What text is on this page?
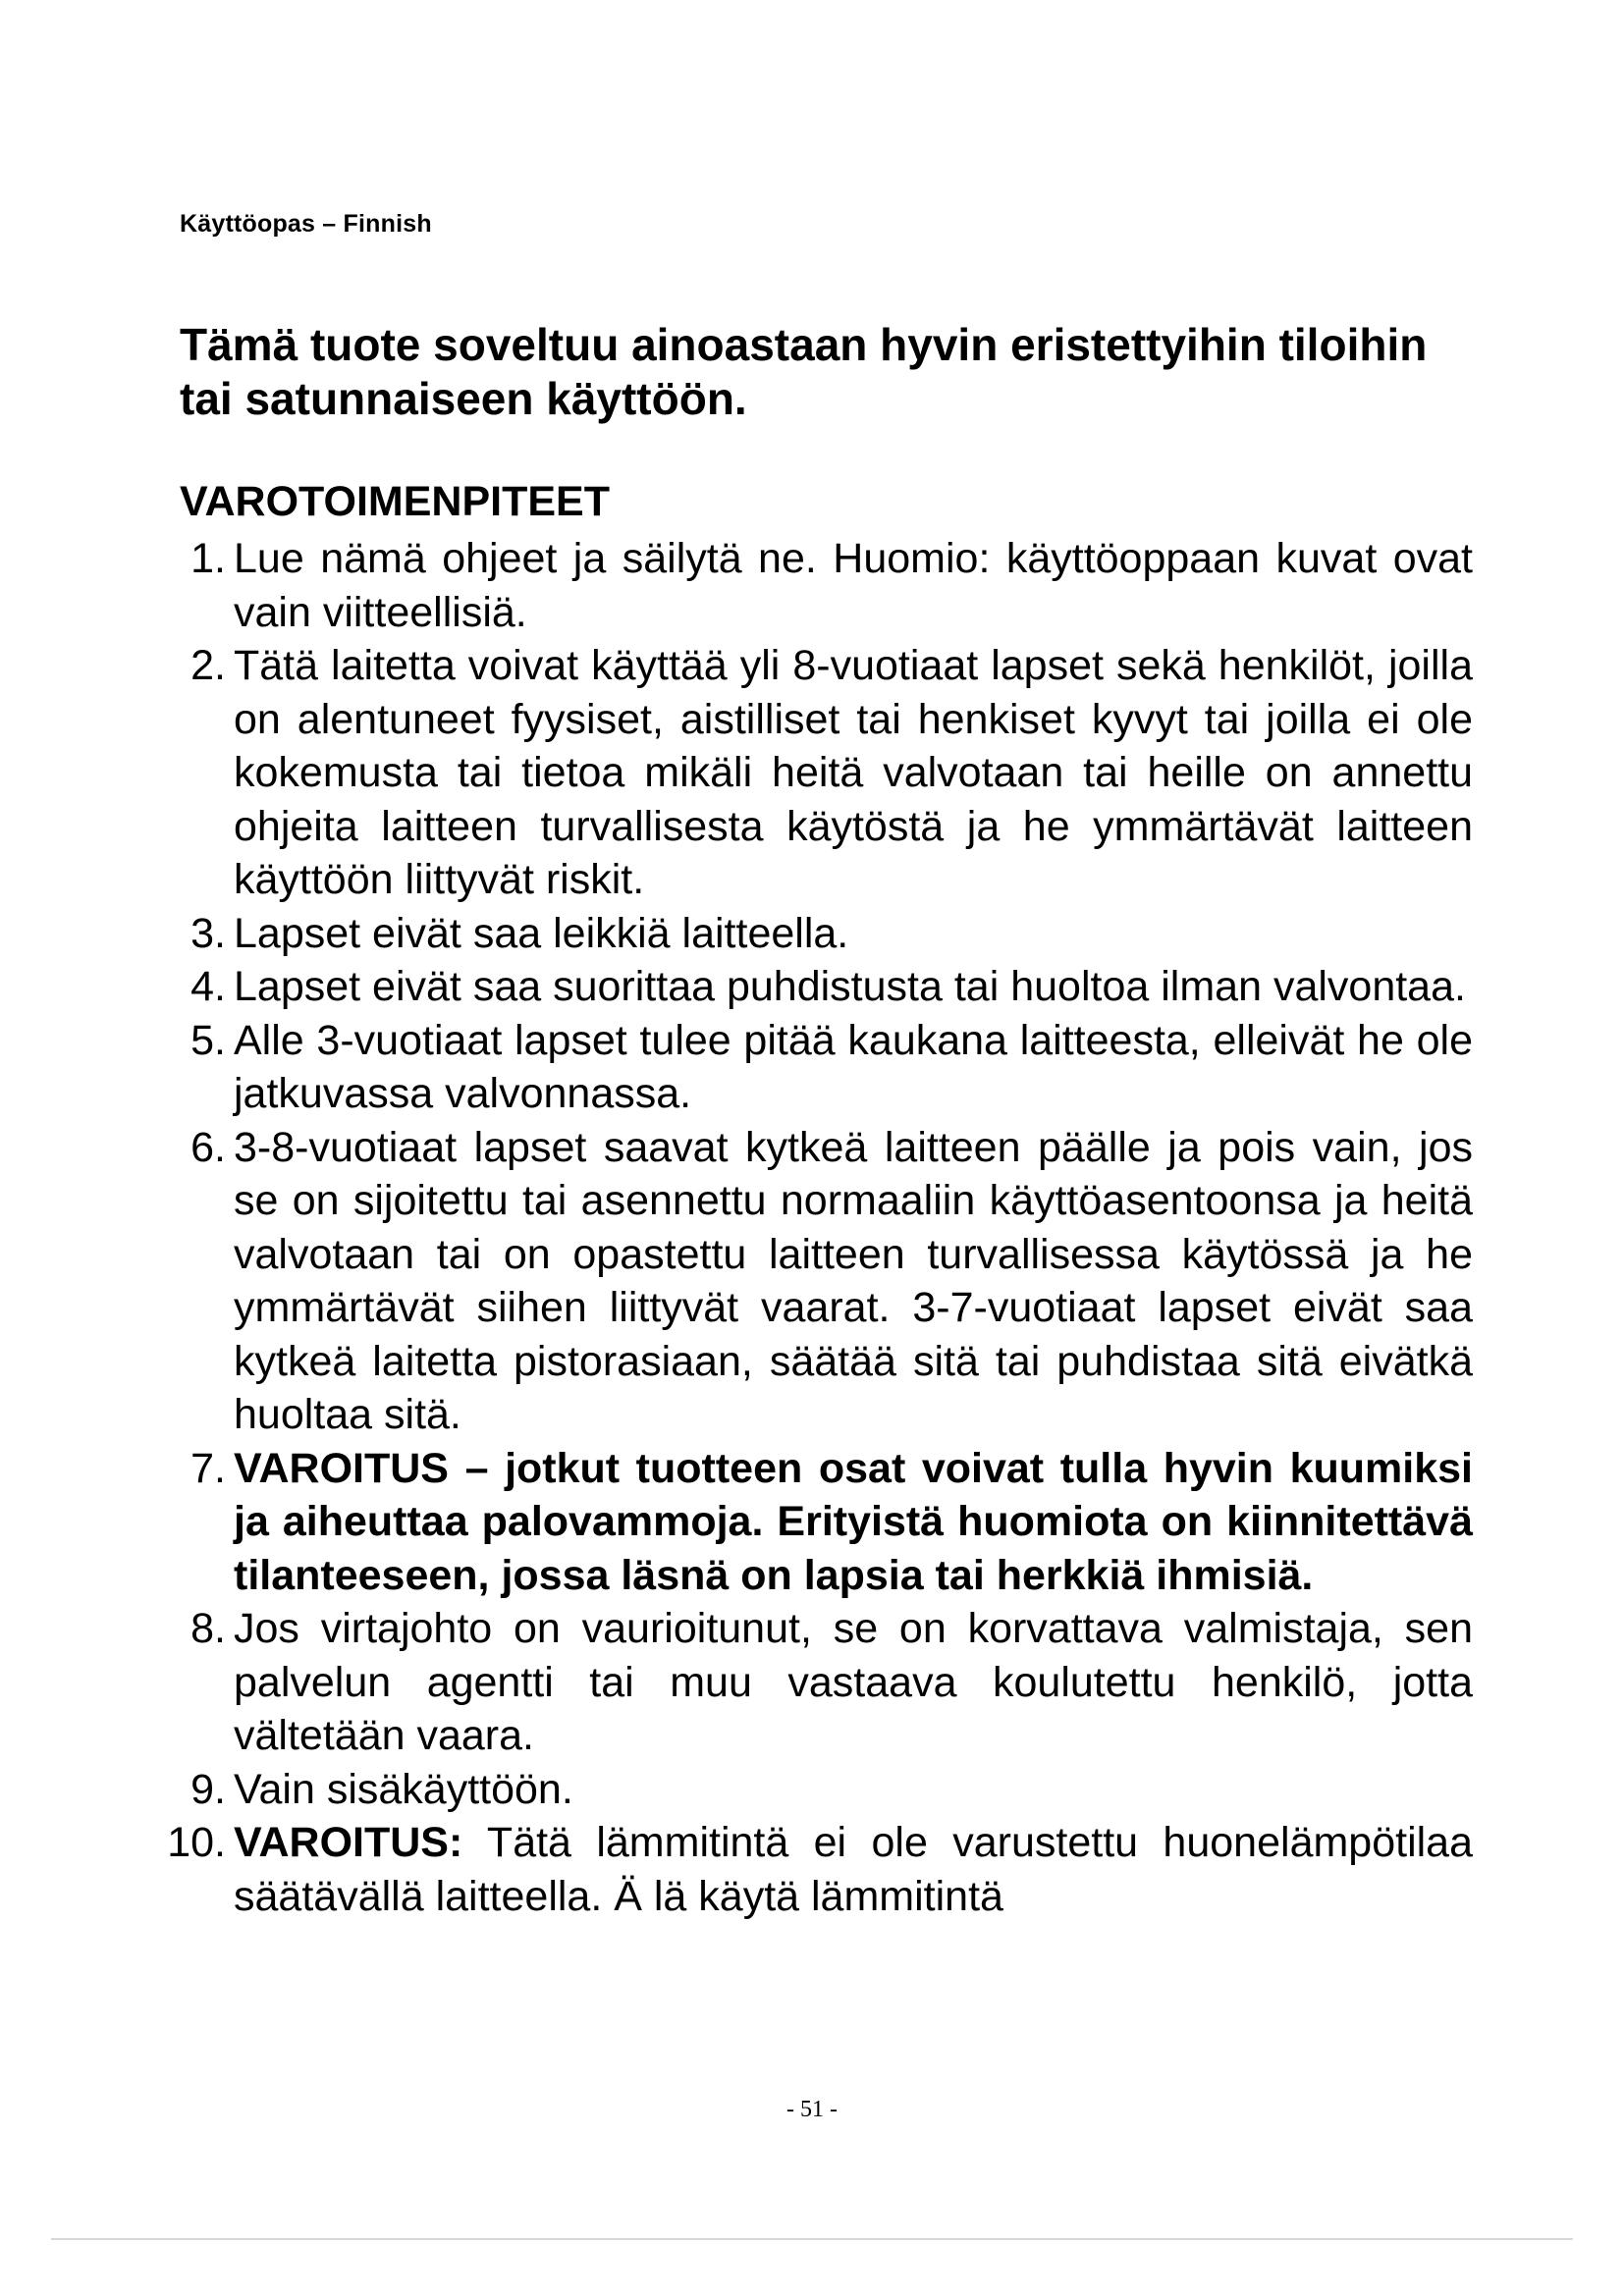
Käyttöopas – Finnish

Tämä tuote soveltuu ainoastaan hyvin eristettyihin tiloihin tai satunnaiseen käyttöön.

VAROTOIMENPITEET
1. Lue nämä ohjeet ja säilytä ne. Huomio: käyttöoppaan kuvat ovat vain viitteellisiä.
2. Tätä laitetta voivat käyttää yli 8-vuotiaat lapset sekä henkilöt, joilla on alentuneet fyysiset, aistilliset tai henkiset kyvyt tai joilla ei ole kokemusta tai tietoa mikäli heitä valvotaan tai heille on annettu ohjeita laitteen turvallisesta käytöstä ja he ymmärtävät laitteen käyttöön liittyvät riskit.
3. Lapset eivät saa leikkiä laitteella.
4. Lapset eivät saa suorittaa puhdistusta tai huoltoa ilman valvontaa.
5. Alle 3-vuotiaat lapset tulee pitää kaukana laitteesta, elleivät he ole jatkuvassa valvonnassa.
6. 3-8-vuotiaat lapset saavat kytkeä laitteen päälle ja pois vain, jos se on sijoitettu tai asennettu normaaliin käyttöasentoonsa ja heitä valvotaan tai on opastettu laitteen turvallisessa käytössä ja he ymmärtävät siihen liittyvät vaarat. 3-7-vuotiaat lapset eivät saa kytkeä laitetta pistorasiaan, säätää sitä tai puhdistaa sitä eivätkä huoltaa sitä.
7. VAROITUS – jotkut tuotteen osat voivat tulla hyvin kuumiksi ja aiheuttaa palovammoja. Erityistä huomiota on kiinnitettävä tilanteeseen, jossa läsnä on lapsia tai herkkiä ihmisiä.
8. Jos virtajohto on vaurioitunut, se on korvattava valmistaja, sen palvelun agentti tai muu vastaava koulutettu henkilö, jotta vältetään vaara.
9. Vain sisäkäyttöön.
10. VAROITUS: Tätä lämmitintä ei ole varustettu huonelämpötilaa säätävällä laitteella. Ä lä käytä lämmitintä
- 51 -
